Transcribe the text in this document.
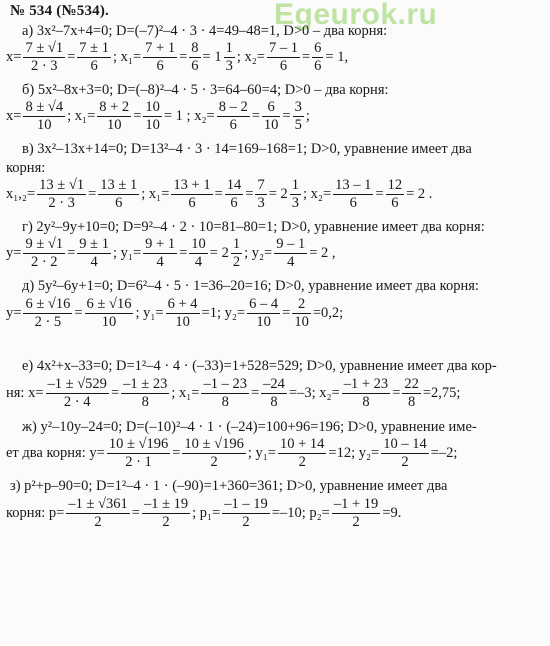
№ 534 (№534).	Egeurok.ru
а) 3x²–7x+4=0; D=(–7)²–4 · 3 · 4=49–48=1, D>0 – два корня:
$x= \frac{7 \pm √1}{2 \cdot 3} = \frac{7 \pm 1}{6}$ ; $x_1= \frac{7 + 1}{6} = \frac{8}{6} = 1 \frac{1}{3}$ ; $x_2= \frac{7 - 1}{6} = \frac{6}{6} = 1$,
б) 5x²–8x+3=0; D=(–8)²–4 · 5 · 3=64–60=4; D>0 – два корня:
$x= \frac{8 \pm √4}{10}$ ; $x_1= \frac{8 + 2}{10} = \frac{10}{10} = 1$ ; $x_2= \frac{8 - 2}{6} = \frac{6}{10} = \frac{3}{5}$ ;
в) 3x²–13x+14=0; D=13²–4 · 3 · 14=169–168=1; D>0, уравнение имеет два
корня:
$x_1,_2= \frac{13 \pm √1}{2 \cdot 3} = \frac{13 \pm 1}{6}$ ; $x_1= \frac{13 + 1}{6} = \frac{14}{6} = \frac{7}{3} = 2 \frac{1}{3}$ ; $x_2= \frac{13 - 1}{6} = \frac{12}{6} = 2$ .
г) 2y²–9y+10=0; D=9²–4 · 2 · 10=81–80=1; D>0, уравнение имеет два корня:
$y= \frac{9 \pm √1}{2 \cdot 2} = \frac{9 \pm 1}{4}$ ; $y_1= \frac{9 + 1}{4} = \frac{10}{4} = 2 \frac{1}{2}$ ; $y_2= \frac{9 - 1}{4} = 2$ ,
д) 5y²–6y+1=0; D=6²–4 · 5 · 1=36–20=16; D>0, уравнение имеет два корня:
$y= \frac{6 \pm √16}{2 \cdot 5} = \frac{6 \pm √16}{10}$ ; $y_1= \frac{6 + 4}{10} =1$; $y_2= \frac{6 - 4}{10} = \frac{2}{10} =0,2$;
е) 4x²+x–33=0; D=1²–4 · 4 · (–33)=1+528=529; D>0, уравнение имеет два кор-
ня: $x= \frac{-1 \pm √529}{2 \cdot 4} = \frac{-1 \pm 23}{8}$ ; $x_1= \frac{-1 - 23}{8} = \frac{-24}{8} =-3$; $x_2= \frac{-1 + 23}{8} = \frac{22}{8} =2,75$;
ж) y²–10y–24=0; D=(–10)²–4 · 1 · (–24)=100+96=196; D>0, уравнение име-
ет два корня: $y= \frac{10 \pm √196}{2 \cdot 1} = \frac{10 \pm √196}{2}$ ; $y_1= \frac{10 + 14}{2} =12$; $y_2= \frac{10 - 14}{2} =-2$;
з) p²+p–90=0; D=1²–4 · 1 · (–90)=1+360=361; D>0, уравнение имеет два
корня: $p= \frac{-1 \pm √361}{2} = \frac{-1 \pm 19}{2}$ ; $p_1= \frac{-1 - 19}{2} =-10$; $p_2= \frac{-1 + 19}{2} =9$.
